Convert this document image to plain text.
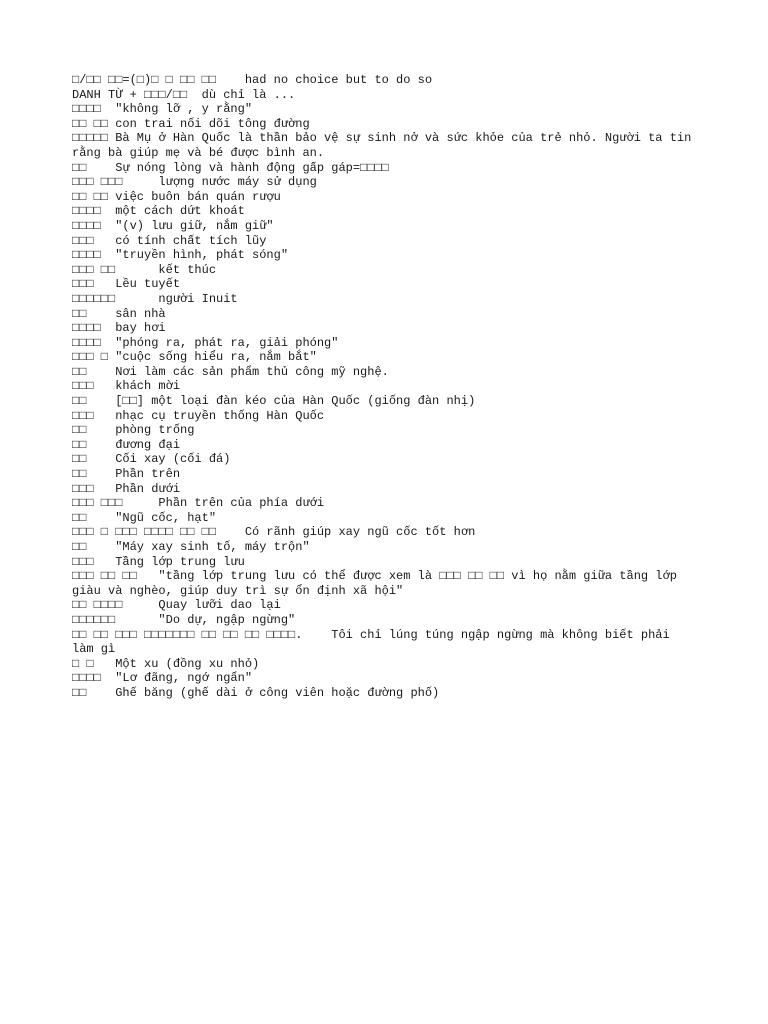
□/□□ □□=(□)□ □ □□ □□    had no choice but to do so

DANH TỪ + □□□/□□  dù chỉ là ...

□□□□  "không lỡ , y rằng"

□□ □□ con trai nối dõi tông đường

□□□□□ Bà Mụ ở Hàn Quốc là thần bảo vệ sự sinh nở và sức khỏe của trẻ nhỏ. Người ta tin rằng bà giúp mẹ và bé được bình an.

□□    Sự nóng lòng và hành động gấp gáp=□□□□

□□□ □□□     lượng nước máy sử dụng

□□ □□ việc buôn bán quán rượu

□□□□  một cách dứt khoát

□□□□  "(v) lưu giữ, nắm giữ"

□□□   có tính chất tích lũy

□□□□  "truyền hình, phát sóng"

□□□ □□      kết thúc

□□□   Lều tuyết

□□□□□□      người Inuit

□□    sân nhà

□□□□  bay hơi

□□□□  "phóng ra, phát ra, giải phóng"

□□□ □ "cuộc sống hiểu ra, nắm bắt"

□□    Nơi làm các sản phẩm thủ công mỹ nghệ.

□□□   khách mời

□□    [□□] một loại đàn kéo của Hàn Quốc (giống đàn nhị)

□□□   nhạc cụ truyền thống Hàn Quốc

□□    phòng trống

□□    đương đại

□□    Cối xay (cối đá)

□□    Phần trên

□□□   Phần dưới

□□□ □□□     Phần trên của phía dưới

□□    "Ngũ cốc, hạt"

□□□ □ □□□ □□□□ □□ □□    Có rãnh giúp xay ngũ cốc tốt hơn

□□    "Máy xay sinh tố, máy trộn"

□□□   Tầng lớp trung lưu

□□□ □□ □□   "tầng lớp trung lưu có thể được xem là □□□ □□ □□ vì họ nằm giữa tầng lớp giàu và nghèo, giúp duy trì sự ổn định xã hội"

□□ □□□□     Quay lưỡi dao lại

□□□□□□      "Do dự, ngập ngừng"

□□ □□ □□□ □□□□□□□ □□ □□ □□ □□□□.    Tôi chỉ lúng túng ngập ngừng mà không biết phải làm gì

□ □   Một xu (đồng xu nhỏ)

□□□□  "Lơ đãng, ngớ ngẩn"

□□    Ghế băng (ghế dài ở công viên hoặc đường phố)
